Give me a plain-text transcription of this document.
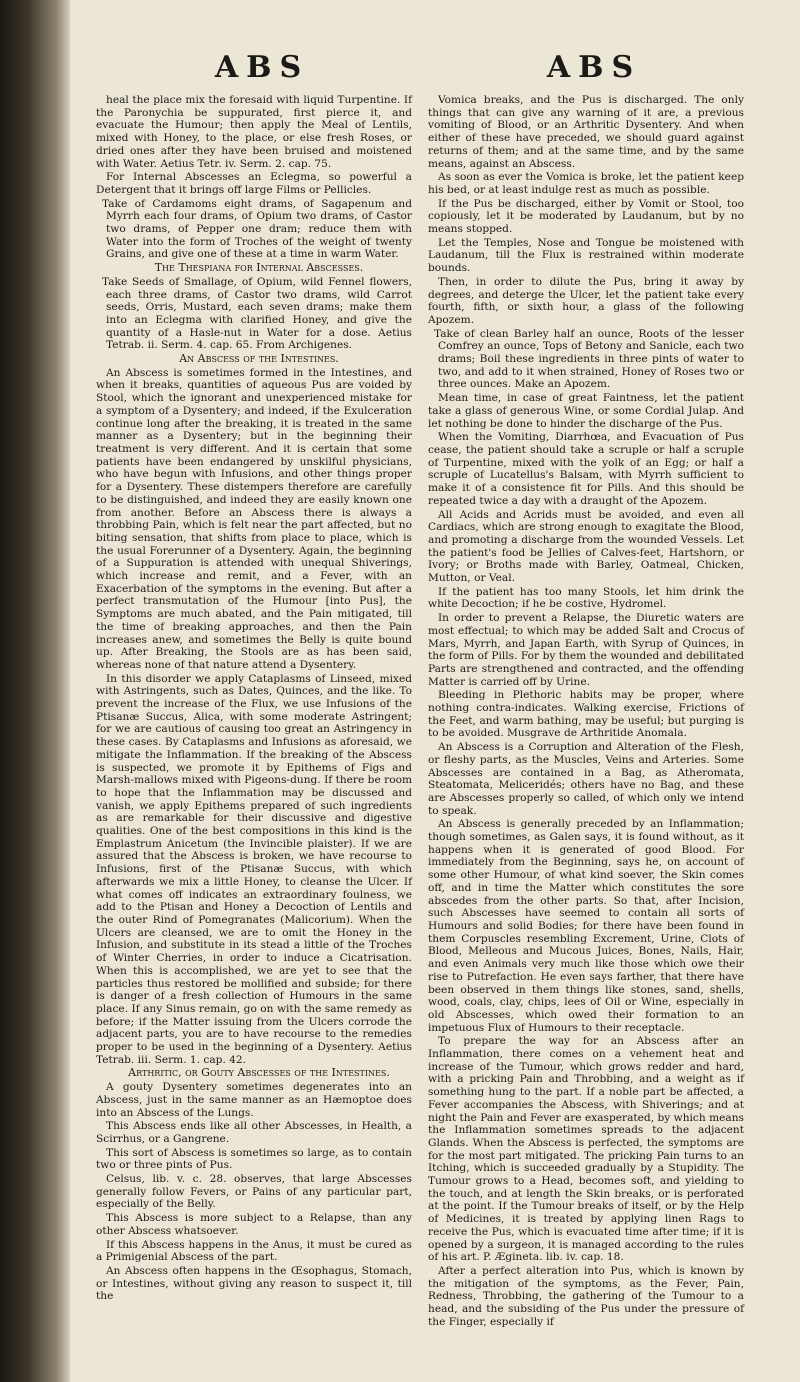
ABS	ABS

heal the place mix the foresaid with liquid Turpentine. If the Paronychia be suppurated, first pierce it, and evacuate the Humour; then apply the Meal of Lentils, mixed with Honey, to the place, or else fresh Roses, or dried ones after they have been bruised and moistened with Water. Aetius Tetr. iv. Serm. 2. cap. 75.

For Internal Abscesses an Eclegma, so powerful a Detergent that it brings off large Films or Pellicles.

Take of Cardamoms eight drams, of Sagapenum and Myrrh each four drams, of Opium two drams, of Castor two drams, of Pepper one dram; reduce them with Water into the form of Troches of the weight of twenty Grains, and give one of these at a time in warm Water.

The Thespiana for Internal Abscesses.

Take Seeds of Smallage, of Opium, wild Fennel flowers, each three drams, of Castor two drams, wild Carrot seeds, Orris, Mustard, each seven drams; make them into an Eclegma with clarified Honey, and give the quantity of a Hasle-nut in Water for a dose. Aetius Tetrab. ii. Serm. 4. cap. 65. From Archigenes.

An Abscess of the Intestines.

An Abscess is sometimes formed in the Intestines, and when it breaks, quantities of aqueous Pus are voided by Stool, which the ignorant and unexperienced mistake for a symptom of a Dysentery; and indeed, if the Exulceration continue long after the breaking, it is treated in the same manner as a Dysentery; but in the beginning their treatment is very different. And it is certain that some patients have been endangered by unskilful physicians, who have begun with Infusions, and other things proper for a Dysentery. These distempers therefore are carefully to be distinguished, and indeed they are easily known one from another. Before an Abscess there is always a throbbing Pain, which is felt near the part affected, but no biting sensation, that shifts from place to place, which is the usual Forerunner of a Dysentery. Again, the beginning of a Suppuration is attended with unequal Shiverings, which increase and remit, and a Fever, with an Exacerbation of the symptoms in the evening. But after a perfect transmutation of the Humour [into Pus], the Symptoms are much abated, and the Pain mitigated, till the time of breaking approaches, and then the Pain increases anew, and sometimes the Belly is quite bound up. After Breaking, the Stools are as has been said, whereas none of that nature attend a Dysentery.

In this disorder we apply Cataplasms of Linseed, mixed with Astringents, such as Dates, Quinces, and the like. To prevent the increase of the Flux, we use Infusions of the Ptisanæ Succus, Alica, with some moderate Astringent; for we are cautious of causing too great an Astringency in these cases. By Cataplasms and Infusions as aforesaid, we mitigate the Inflammation. If the breaking of the Abscess is suspected, we promote it by Epithems of Figs and Marsh-mallows mixed with Pigeons-dung. If there be room to hope that the Inflammation may be discussed and vanish, we apply Epithems prepared of such ingredients as are remarkable for their discussive and digestive qualities. One of the best compositions in this kind is the Emplastrum Anicetum (the Invincible plaister). If we are assured that the Abscess is broken, we have recourse to Infusions, first of the Ptisanæ Succus, with which afterwards we mix a little Honey, to cleanse the Ulcer. If what comes off indicates an extraordinary foulness, we add to the Ptisan and Honey a Decoction of Lentils and the outer Rind of Pomegranates (Malicorium). When the Ulcers are cleansed, we are to omit the Honey in the Infusion, and substitute in its stead a little of the Troches of Winter Cherries, in order to induce a Cicatrisation. When this is accomplished, we are yet to see that the particles thus restored be mollified and subside; for there is danger of a fresh collection of Humours in the same place. If any Sinus remain, go on with the same remedy as before; if the Matter issuing from the Ulcers corrode the adjacent parts, you are to have recourse to the remedies proper to be used in the beginning of a Dysentery. Aetius Tetrab. iii. Serm. 1. cap. 42.

Arthritic, or Gouty Abscesses of the Intestines.

A gouty Dysentery sometimes degenerates into an Abscess, just in the same manner as an Hæmoptoe does into an Abscess of the Lungs.

This Abscess ends like all other Abscesses, in Health, a Scirrhus, or a Gangrene.

This sort of Abscess is sometimes so large, as to contain two or three pints of Pus.

Celsus, lib. v. c. 28. observes, that large Abscesses generally follow Fevers, or Pains of any particular part, especially of the Belly.

This Abscess is more subject to a Relapse, than any other Abscess whatsoever.

If this Abscess happens in the Anus, it must be cured as a Primigenial Abscess of the part.

An Abscess often happens in the Œsophagus, Stomach, or Intestines, without giving any reason to suspect it, till the

Vomica breaks, and the Pus is discharged. The only things that can give any warning of it are, a previous vomiting of Blood, or an Arthritic Dysentery. And when either of these have preceded, we should guard against returns of them; and at the same time, and by the same means, against an Abscess.

As soon as ever the Vomica is broke, let the patient keep his bed, or at least indulge rest as much as possible.

If the Pus be discharged, either by Vomit or Stool, too copiously, let it be moderated by Laudanum, but by no means stopped.

Let the Temples, Nose and Tongue be moistened with Laudanum, till the Flux is restrained within moderate bounds.

Then, in order to dilute the Pus, bring it away by degrees, and deterge the Ulcer, let the patient take every fourth, fifth, or sixth hour, a glass of the following Apozem.

Take of clean Barley half an ounce, Roots of the lesser Comfrey an ounce, Tops of Betony and Sanicle, each two drams; Boil these ingredients in three pints of water to two, and add to it when strained, Honey of Roses two or three ounces. Make an Apozem.

Mean time, in case of great Faintness, let the patient take a glass of generous Wine, or some Cordial Julap. And let nothing be done to hinder the discharge of the Pus.

When the Vomiting, Diarrhœa, and Evacuation of Pus cease, the patient should take a scruple or half a scruple of Turpentine, mixed with the yolk of an Egg; or half a scruple of Lucatellus's Balsam, with Myrrh sufficient to make it of a consistence fit for Pills. And this should be repeated twice a day with a draught of the Apozem.

All Acids and Acrids must be avoided, and even all Cardiacs, which are strong enough to exagitate the Blood, and promoting a discharge from the wounded Vessels. Let the patient's food be Jellies of Calves-feet, Hartshorn, or Ivory; or Broths made with Barley, Oatmeal, Chicken, Mutton, or Veal.

If the patient has too many Stools, let him drink the white Decoction; if he be costive, Hydromel.

In order to prevent a Relapse, the Diuretic waters are most effectual; to which may be added Salt and Crocus of Mars, Myrrh, and Japan Earth, with Syrup of Quinces, in the form of Pills. For by them the wounded and debilitated Parts are strengthened and contracted, and the offending Matter is carried off by Urine.

Bleeding in Plethoric habits may be proper, where nothing contra-indicates. Walking exercise, Frictions of the Feet, and warm bathing, may be useful; but purging is to be avoided. Musgrave de Arthritide Anomala.

An Abscess is a Corruption and Alteration of the Flesh, or fleshy parts, as the Muscles, Veins and Arteries. Some Abscesses are contained in a Bag, as Atheromata, Steatomata, Meliceridés; others have no Bag, and these are Abscesses properly so called, of which only we intend to speak.

An Abscess is generally preceded by an Inflammation; though sometimes, as Galen says, it is found without, as it happens when it is generated of good Blood. For immediately from the Beginning, says he, on account of some other Humour, of what kind soever, the Skin comes off, and in time the Matter which constitutes the sore abscedes from the other parts. So that, after Incision, such Abscesses have seemed to contain all sorts of Humours and solid Bodies; for there have been found in them Corpuscles resembling Excrement, Urine, Clots of Blood, Melleous and Mucous Juices, Bones, Nails, Hair, and even Animals very much like those which owe their rise to Putrefaction. He even says farther, that there have been observed in them things like stones, sand, shells, wood, coals, clay, chips, lees of Oil or Wine, especially in old Abscesses, which owed their formation to an impetuous Flux of Humours to their receptacle.

To prepare the way for an Abscess after an Inflammation, there comes on a vehement heat and increase of the Tumour, which grows redder and hard, with a pricking Pain and Throbbing, and a weight as if something hung to the part. If a noble part be affected, a Fever accompanies the Abscess, with Shiverings; and at night the Pain and Fever are exasperated, by which means the Inflammation sometimes spreads to the adjacent Glands. When the Abscess is perfected, the symptoms are for the most part mitigated. The pricking Pain turns to an Itching, which is succeeded gradually by a Stupidity. The Tumour grows to a Head, becomes soft, and yielding to the touch, and at length the Skin breaks, or is perforated at the point. If the Tumour breaks of itself, or by the Help of Medicines, it is treated by applying linen Rags to receive the Pus, which is evacuated time after time; if it is opened by a surgeon, it is managed according to the rules of his art. P. Ægineta. lib. iv. cap. 18.

After a perfect alteration into Pus, which is known by the mitigation of the symptoms, as the Fever, Pain, Redness, Throbbing, the gathering of the Tumour to a head, and the subsiding of the Pus under the pressure of the Finger, especially if
